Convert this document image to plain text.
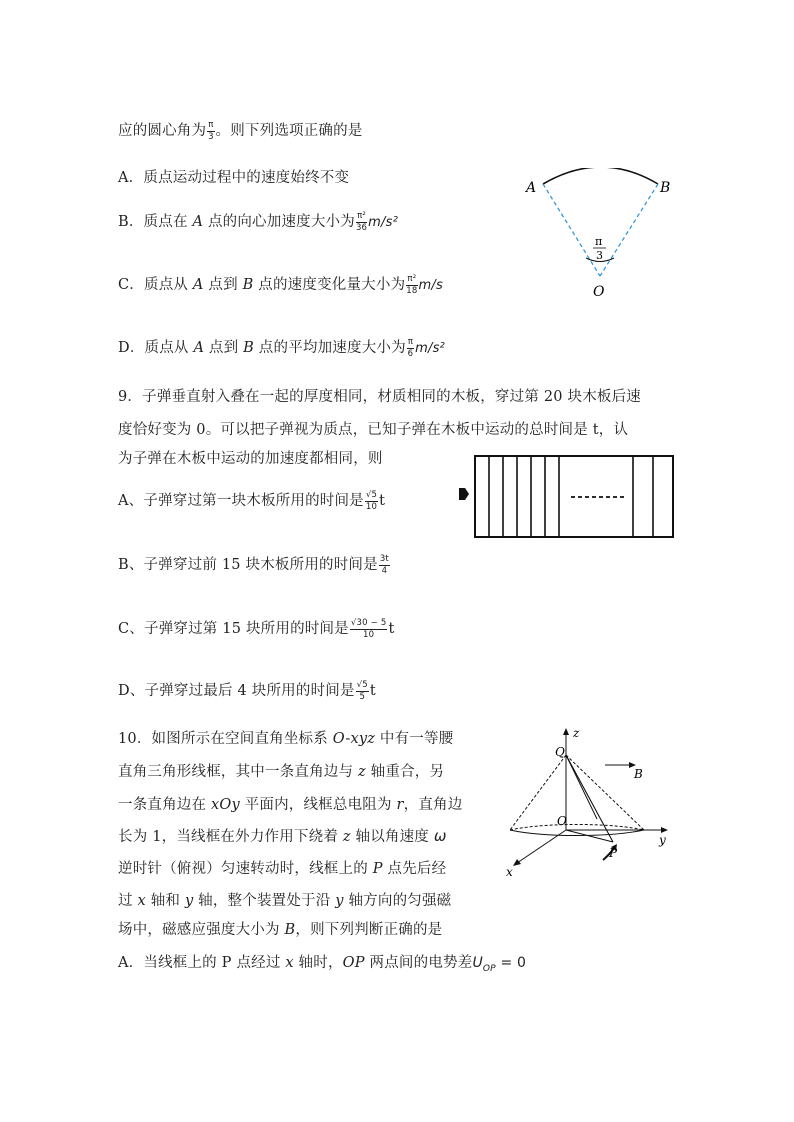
应的圆心角为 $\frac{\pi}{3}$ 。则下列选项正确的是
A．质点运动过程中的速度始终不变
B．质点在 A 点的向心加速度大小为 $\frac{\text{π²}}{36} m/s^2$
C．质点从 A 点到 B 点的速度变化量大小为 $\frac{\text{π²}}{18} m/s$
D．质点从 A 点到 B 点的平均加速度大小为 $\frac{\pi}{6} m/s^2$
A	B
O
π
3
9．子弹垂直射入叠在一起的厚度相同，材质相同的木板，穿过第 20 块木板后速
度恰好变为 0。可以把子弹视为质点，已知子弹在木板中运动的总时间是 t，认
为子弹在木板中运动的加速度都相同，则
A、子弹穿过第一块木板所用的时间是 $\frac{√5}{10}$ t
B、子弹穿过前 15 块木板所用的时间是 $\frac{3t}{4}$
C、子弹穿过第 15 块所用的时间是 $\frac{√30 - 5}{10}$ t
D、子弹穿过最后 4 块所用的时间是 $\frac{√5}{5}$ t
10．如图所示在空间直角坐标系 O-xyz 中有一等腰
直角三角形线框，其中一条直角边与 z 轴重合，另
一条直角边在 xOy 平面内，线框总电阻为 r，直角边
长为 1，当线框在外力作用下绕着 z 轴以角速度 ω
逆时针（俯视）匀速转动时，线框上的 P 点先后经
过 x 轴和 y 轴，整个装置处于沿 y 轴方向的匀强磁
场中，磁感应强度大小为 B，则下列判断正确的是
A．当线框上的 P 点经过 x 轴时，OP 两点间的电势差$U_{OP} = 0$
z
Q
B
O
y
P
x
